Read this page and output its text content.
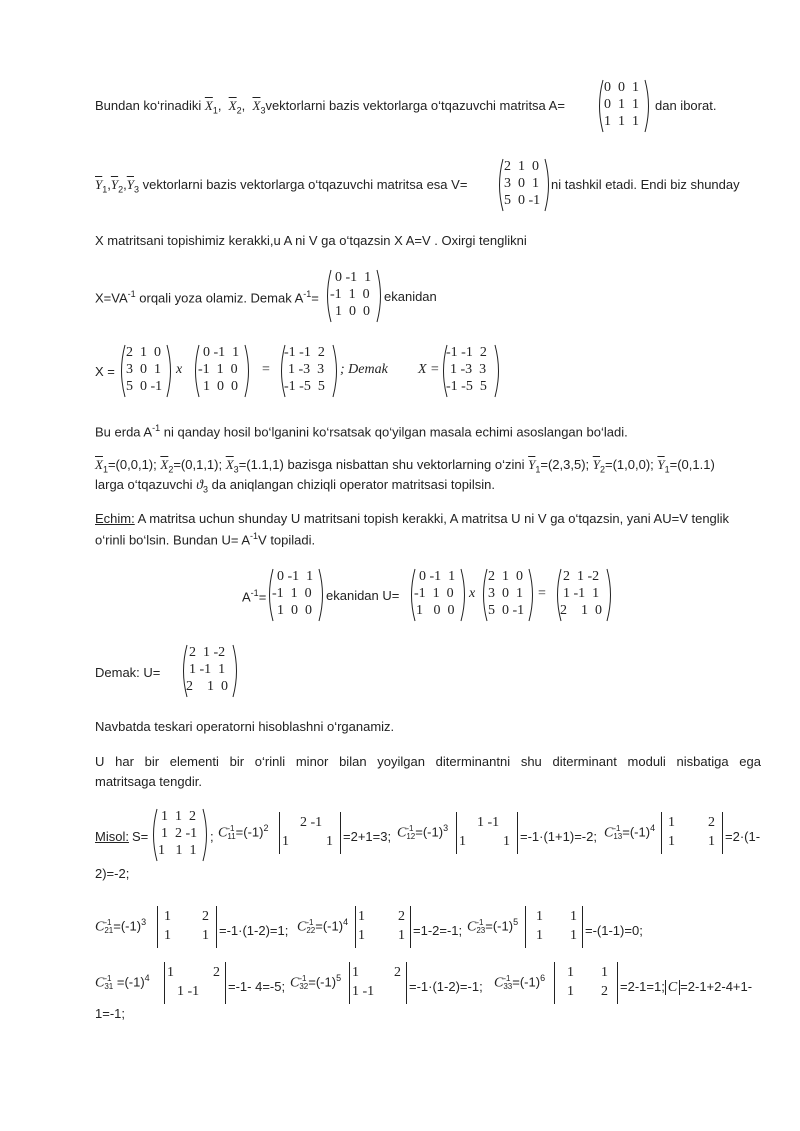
Bundan ko‘rinadiki $\overline{X}_1$,  $\overline{X}_2$,  $\overline{X}_3vektorlarni$ bazis vektorlarga o‘tqazuvchi matritsa A=
0  0  1
0  1  1
1  1  1
dan iborat.
$\overline{Y}_1,\overline{Y}_2,\overline{Y}_3$ vektorlarni bazis vektorlarga o‘tqazuvchi matritsa esa V=
2  1  0
3  0  1
5  0 -1
ni tashkil etadi. Endi biz shunday
X matritsani topishimiz kerakki,u A ni V ga o‘tqazsin X A=V . Oxirgi tenglikni
$X=VA^{-1}$ orqali yoza olamiz. Demak $A^{-1}=$
0 -1  1
-1  1  0
1  0  0
ekanidan
X =
2  1  0
3  0  1
5  0 -1
x
0 -1  1
-1  1  0
1  0  0
=
-1 -1  2
1 -3  3
-1 -5  5
; Demak X =
-1 -1  2
1 -3  3
-1 -5  5
Bu erda $A^{-1}$ ni qanday hosil bo‘lganini ko‘rsatsak qo‘yilgan masala echimi asoslangan bo‘ladi.
$\overline{X}_1=(0,0,1)$; $\overline{X}_2=(0,1,1)$; $\overline{X}_3=(1.1,1)$ bazisga nisbattan shu vektorlarning o‘zini $\overline{Y}_1=(2,3,5)$; $\overline{Y}_2=(1,0,0)$; $\overline{Y}_1=(0,1.1)$
larga o‘tqazuvchi $ϑ_3$ da aniqlangan chiziqli operator matritsasi topilsin.
Echim: A matritsa uchun shunday U matritsani topish kerakki, A matritsa U ni V ga o‘tqazsin, yani AU=V tenglik
o‘rinli bo‘lsin. Bundan $U= A^{-1}V$ topiladi.
$A^{-1}=$
0 -1  1
-1  1  0
1  0  0
ekanidan U=
0 -1  1
-1  1  0
1   0  0
x
2  1  0
3  0  1
5  0 -1
=
2  1 -2
1 -1  1
2    1  0
Demak: U=
2  1 -2
1 -1  1
2    1  0
Navbatda teskari operatorni hisoblashni o‘rganamiz.
U har bir elementi bir o‘rinli minor bilan yoyilgan diterminantni shu diterminant moduli nisbatiga ega
matritsaga tengdir.
Misol: S=
1  1  2
1  2 -1
1   1  1
; C-1
$11=(-1)^2$ 2 -1
1	1 =2+1=3; C-1
$12=(-1)^3$ 1 -1
1	1 =-1·(1+1)=-2; C-1
$13=(-1)^4$ 1 2
1 1 =2·(1-
2)=-2;
C-1
$21=(-1)^3$ 1 2
1 1 =-1·(1-2)=1; C-1
$22=(-1)^4$ 1 2
1 1 =1-2=-1; C-1
$23=(-1)^5$ 1 1
1 1 =-(1-1)=0;
C-1
$31 =(-1)^4$ 1	2
1 -1 =-1- 4=-5; C-1
$32=(-1)^5$ 1	2
1 -1	=-1·(1-2)=-1; C-1
$33=(-1)^6$ 1 1
1 2 =2-1=1; C =2-1+2-4+1-
1=-1;
